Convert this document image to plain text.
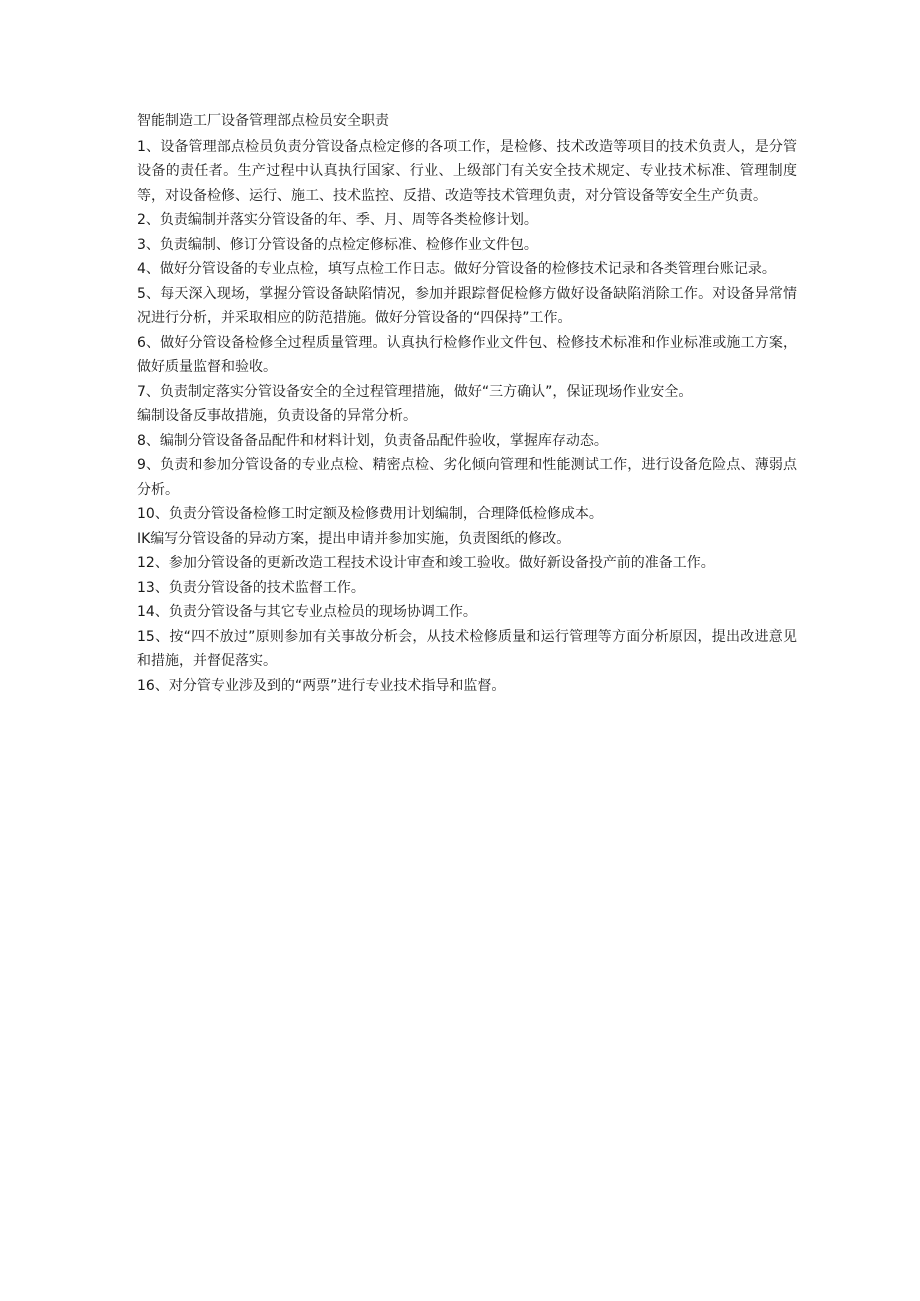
智能制造工厂设备管理部点检员安全职责

1、设备管理部点检员负责分管设备点检定修的各项工作，是检修、技术改造等项目的技术负责人，是分管设备的责任者。生产过程中认真执行国家、行业、上级部门有关安全技术规定、专业技术标准、管理制度等，对设备检修、运行、施工、技术监控、反措、改造等技术管理负责，对分管设备等安全生产负责。

2、负责编制并落实分管设备的年、季、月、周等各类检修计划。

3、负责编制、修订分管设备的点检定修标准、检修作业文件包。

4、做好分管设备的专业点检，填写点检工作日志。做好分管设备的检修技术记录和各类管理台账记录。

5、每天深入现场，掌握分管设备缺陷情况，参加并跟踪督促检修方做好设备缺陷消除工作。对设备异常情况进行分析，并采取相应的防范措施。做好分管设备的“四保持”工作。

6、做好分管设备检修全过程质量管理。认真执行检修作业文件包、检修技术标准和作业标准或施工方案，做好质量监督和验收。

7、负责制定落实分管设备安全的全过程管理措施，做好“三方确认”，保证现场作业安全。

编制设备反事故措施，负责设备的异常分析。

8、编制分管设备备品配件和材料计划，负责备品配件验收，掌握库存动态。

9、负责和参加分管设备的专业点检、精密点检、劣化倾向管理和性能测试工作，进行设备危险点、薄弱点分析。

10、负责分管设备检修工时定额及检修费用计划编制，合理降低检修成本。

IK编写分管设备的异动方案，提出申请并参加实施，负责图纸的修改。

12、参加分管设备的更新改造工程技术设计审查和竣工验收。做好新设备投产前的准备工作。

13、负责分管设备的技术监督工作。

14、负责分管设备与其它专业点检员的现场协调工作。

15、按“四不放过”原则参加有关事故分析会，从技术检修质量和运行管理等方面分析原因，提出改进意见和措施，并督促落实。

16、对分管专业涉及到的“两票”进行专业技术指导和监督。
